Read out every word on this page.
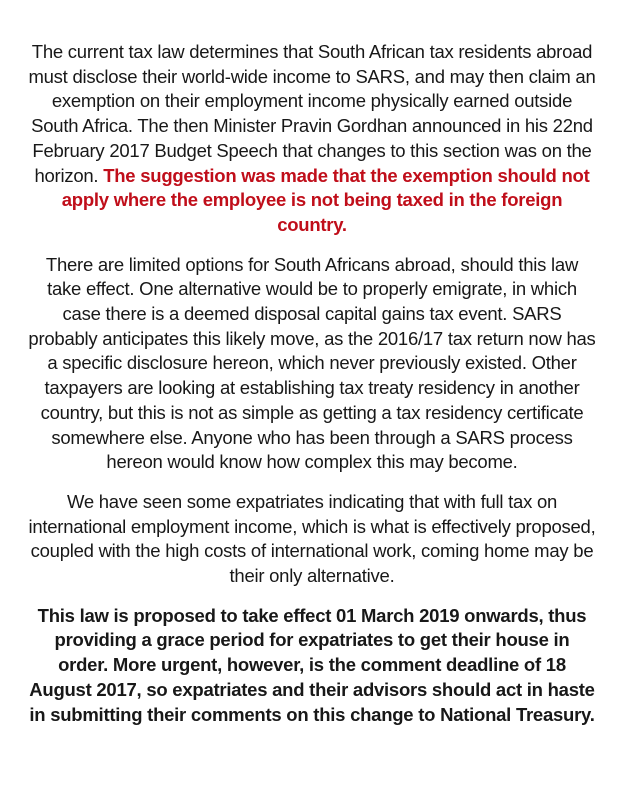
The current tax law determines that South African tax residents abroad must disclose their world-wide income to SARS, and may then claim an exemption on their employment income physically earned outside South Africa. The then Minister Pravin Gordhan announced in his 22nd February 2017 Budget Speech that changes to this section was on the horizon. The suggestion was made that the exemption should not apply where the employee is not being taxed in the foreign country.

There are limited options for South Africans abroad, should this law take effect. One alternative would be to properly emigrate, in which case there is a deemed disposal capital gains tax event. SARS probably anticipates this likely move, as the 2016/17 tax return now has a specific disclosure hereon, which never previously existed. Other taxpayers are looking at establishing tax treaty residency in another country, but this is not as simple as getting a tax residency certificate somewhere else. Anyone who has been through a SARS process hereon would know how complex this may become.

We have seen some expatriates indicating that with full tax on international employment income, which is what is effectively proposed, coupled with the high costs of international work, coming home may be their only alternative.

This law is proposed to take effect 01 March 2019 onwards, thus providing a grace period for expatriates to get their house in order. More urgent, however, is the comment deadline of 18 August 2017, so expatriates and their advisors should act in haste in submitting their comments on this change to National Treasury.
